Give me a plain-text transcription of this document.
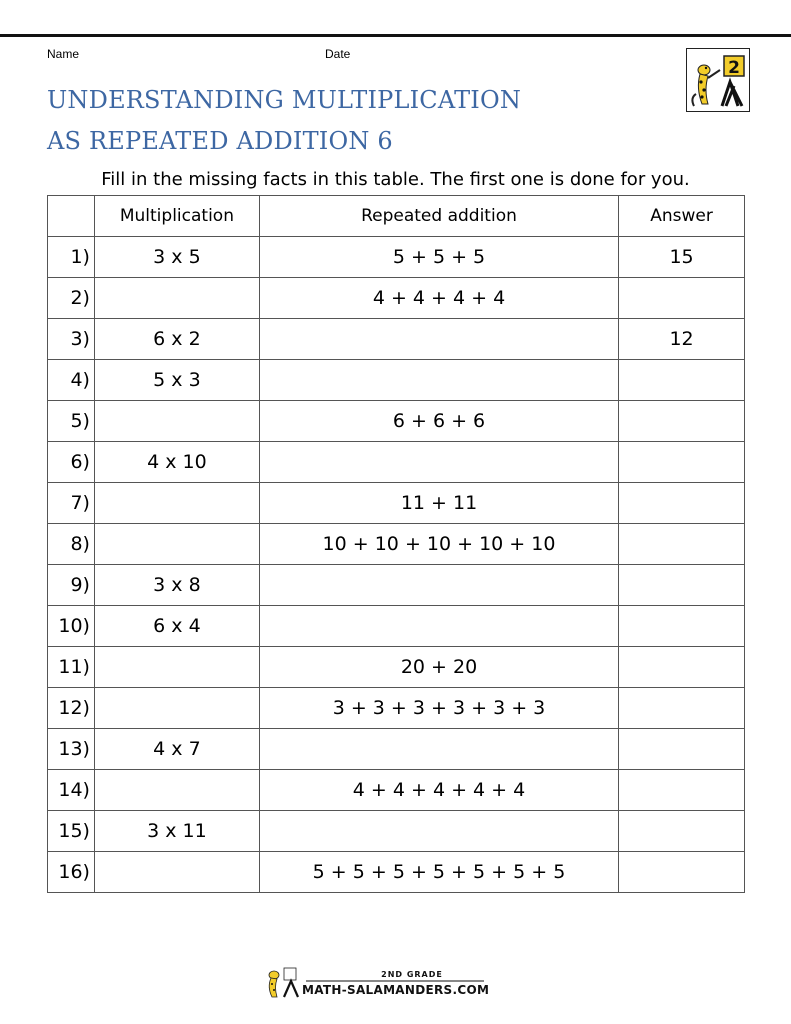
Name	Date
UNDERSTANDING MULTIPLICATION
AS REPEATED ADDITION 6
2
Fill in the missing facts in this table. The first one is done for you.
	Multiplication	Repeated addition	Answer
1)	3 x 5	5 + 5 + 5	15
2)		4 + 4 + 4 + 4	
3)	6 x 2		12
4)	5 x 3		
5)		6 + 6 + 6	
6)	4 x 10		
7)		11 + 11	
8)		10 + 10 + 10 + 10 + 10	
9)	3 x 8		
10)	6 x 4		
11)		20 + 20	
12)		3 + 3 + 3 + 3 + 3 + 3	
13)	4 x 7		
14)		4 + 4 + 4 + 4 + 4	
15)	3 x 11		
16)		5 + 5 + 5 + 5 + 5 + 5 + 5	
2ND GRADE
MATH-SALAMANDERS.COM
